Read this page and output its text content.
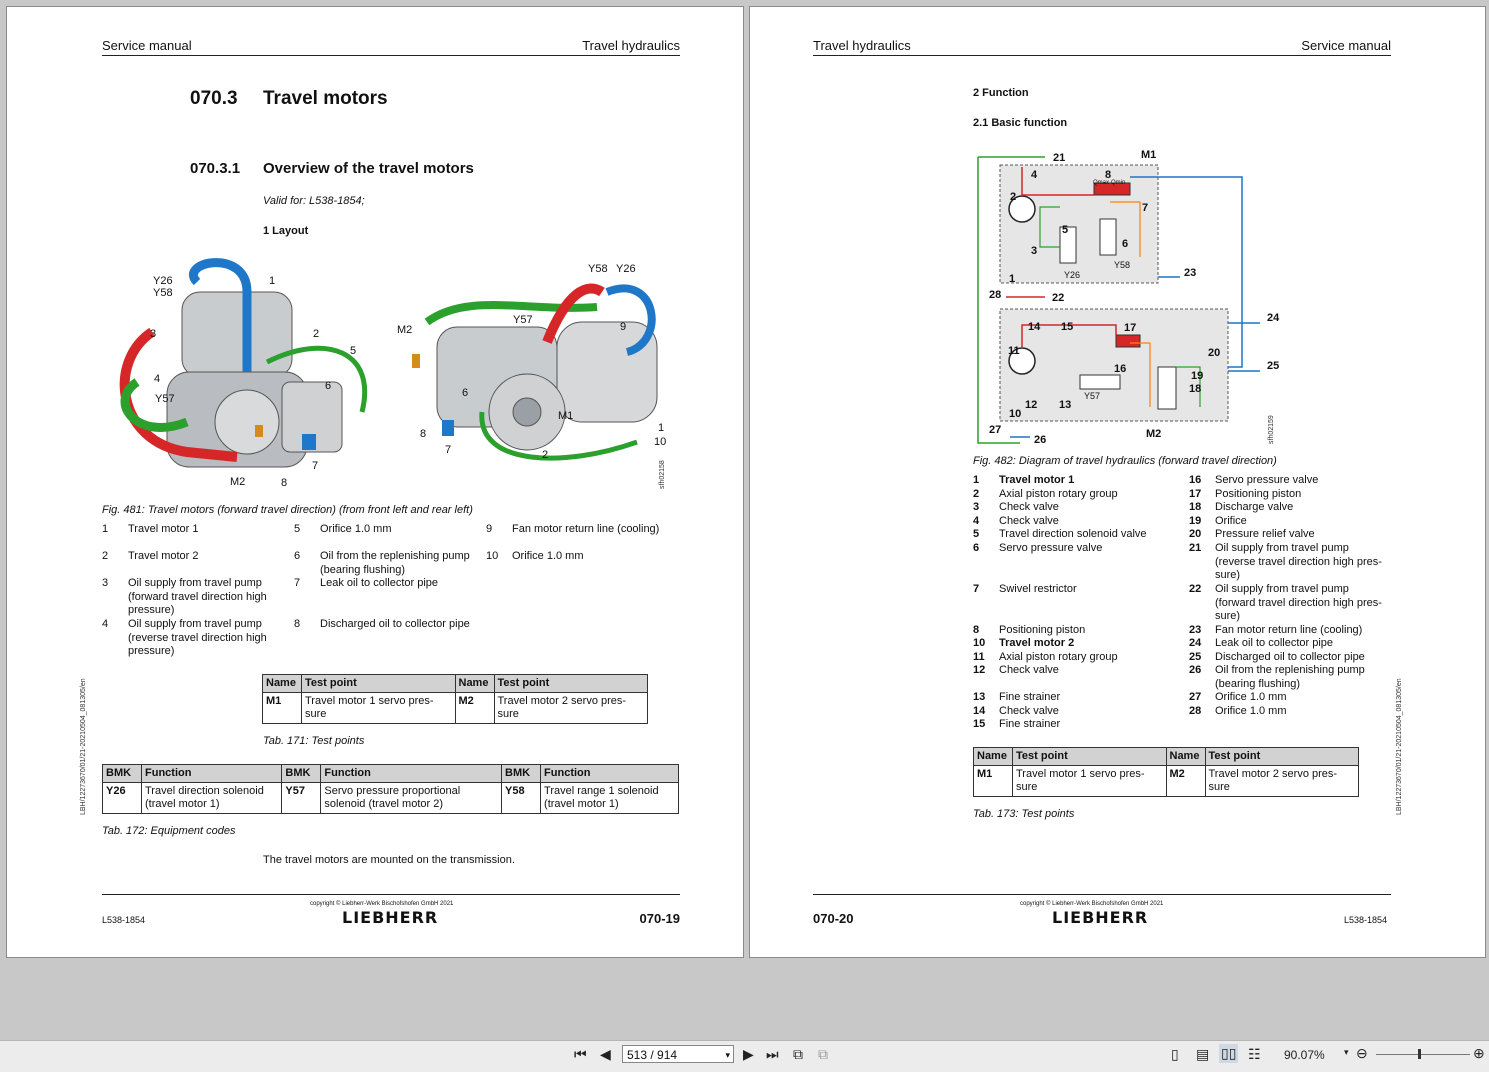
Service manual	Travel hydraulics
070.3 Travel motors
070.3.1 Overview of the travel motors
Valid for: L538-1854;
1 Layout
Y26
Y58
1
2
3
4
5
6
Y57
7
M2	8
Y58 Y26
M2
Y57
9
6
M1
8
7
1
10
2
sfh02158
Fig. 481: Travel motors (forward travel direction) (from front left and rear left)
1 Travel motor 1
2 Travel motor 2
3 Oil supply from travel pump (forward travel direction high pressure)
4 Oil supply from travel pump (reverse travel direction high pressure)
5 Orifice 1.0 mm
6 Oil from the replenishing pump (bearing flushing)
7 Leak oil to collector pipe
8 Discharged oil to collector pipe
9 Fan motor return line (cooling)
10 Orifice 1.0 mm
Name	Test point	Name	Test point
M1	Travel motor 1 servo pres-sure	M2	Travel motor 2 servo pres-sure
Tab. 171: Test points
BMK	Function	BMK	Function	BMK	Function
Y26	Travel direction solenoid (travel motor 1)	Y57	Servo pressure proportional solenoid (travel motor 2)	Y58	Travel range 1 solenoid (travel motor 1)
Tab. 172: Equipment codes
The travel motors are mounted on the transmission.
LBH/12273670/01/21-20210504_081305/en
L538-1854
copyright © Liebherr-Werk Bischofshofen GmbH 2021
LIEBHERR	070-19
Travel hydraulics	Service manual
2 Function
2.1 Basic function
M1
21
8
Qmax Qmin
4
2
7
5
6
3
Y58
Y26	23
1
28	22
24
14 15	17
11	20
25
16
19
18
Y57
12 13
10
27	M2
26	sfh02159
Fig. 482: Diagram of travel hydraulics (forward travel direction)
1 Travel motor 1
2 Axial piston rotary group
3 Check valve
4 Check valve
5 Travel direction solenoid valve
6 Servo pressure valve
7 Swivel restrictor
8 Positioning piston
10 Travel motor 2
11 Axial piston rotary group
12 Check valve
13 Fine strainer
14 Check valve
15 Fine strainer
16 Servo pressure valve
17 Positioning piston
18 Discharge valve
19 Orifice
20 Pressure relief valve
21 Oil supply from travel pump (reverse travel direction high pres-sure)
22 Oil supply from travel pump (forward travel direction high pres-sure)
23 Fan motor return line (cooling)
24 Leak oil to collector pipe
25 Discharged oil to collector pipe
26 Oil from the replenishing pump (bearing flushing)
27 Orifice 1.0 mm
28 Orifice 1.0 mm
Name	Test point	Name	Test point
M1	Travel motor 1 servo pres-sure	M2	Travel motor 2 servo pres-sure
Tab. 173: Test points	LBH/12273670/01/21-20210504_081305/en
070-20
copyright © Liebherr-Werk Bischofshofen GmbH 2021
LIEBHERR	L538-1854
⏮ ◀	513 / 914	▾ ▶ ⏭ ⧉ ⧉	▯ ▤ ▯▯ ☷ 90.07% ▾ ⊖	⊕
